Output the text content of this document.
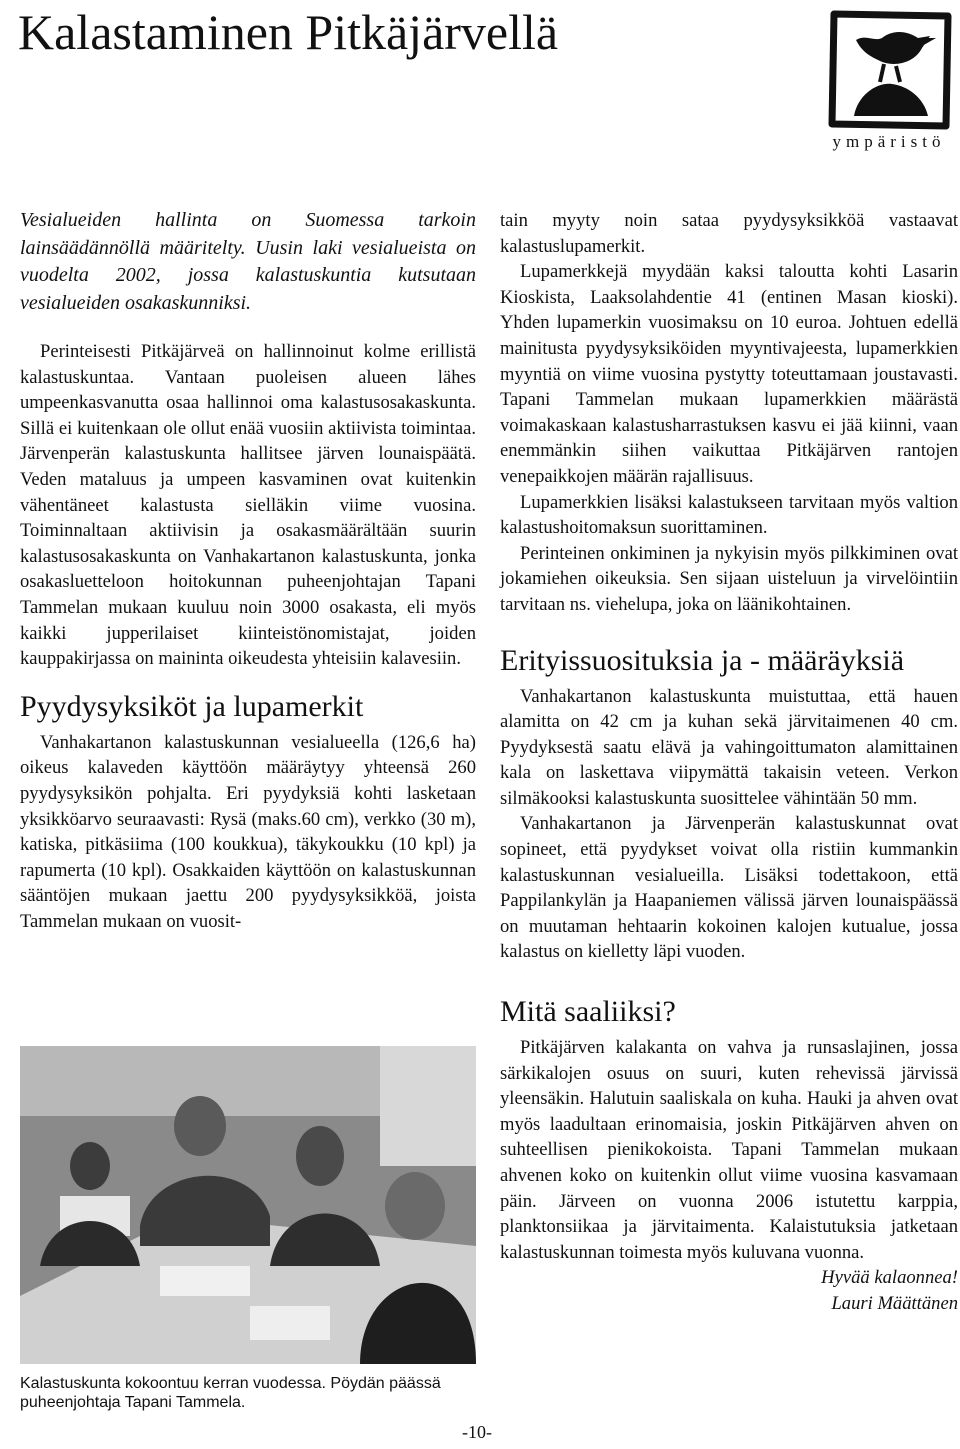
Kalastaminen Pitkäjärvellä
ympäristö

Vesialueiden hallinta on Suomessa tarkoin lainsäädännöllä määritelty. Uusin laki vesialueista on vuodelta 2002, jossa kalastuskuntia kutsutaan vesialueiden osakaskunniksi.

Perinteisesti Pitkäjärveä on hallinnoinut kolme erillistä kalastuskuntaa. Vantaan puoleisen alueen lähes umpeenkasvanutta osaa hallinnoi oma kalastusosakaskunta. Sillä ei kuitenkaan ole ollut enää vuosiin aktiivista toimintaa. Järvenperän kalastuskunta hallitsee järven lounaispäätä. Veden mataluus ja umpeen kasvaminen ovat kuitenkin vähentäneet kalastusta sielläkin viime vuosina. Toiminnaltaan aktiivisin ja osakasmäärältään suurin kalastusosakaskunta on Vanhakartanon kalastuskunta, jonka osakasluetteloon hoitokunnan puheenjohtajan Tapani Tammelan mukaan kuuluu noin 3000 osakasta, eli myös kaikki jupperilaiset kiinteistönomistajat, joiden kauppakirjassa on maininta oikeudesta yhteisiin kalavesiin.

Pyydysyksiköt ja lupamerkit

Vanhakartanon kalastuskunnan vesialueella (126,6 ha) oikeus kalaveden käyttöön määräytyy yhteensä 260 pyydysyksikön pohjalta. Eri pyydyksiä kohti lasketaan yksikköarvo seuraavasti: Rysä (maks.60 cm), verkko (30 m), katiska, pitkäsiima (100 koukkua), täkykoukku (10 kpl) ja rapumerta (10 kpl). Osakkaiden käyttöön on kalastuskunnan sääntöjen mukaan jaettu 200 pyydysyksikköä, joista Tammelan mukaan on vuosit-

Kalastuskunta kokoontuu kerran vuodessa. Pöydän päässä puheenjohtaja Tapani Tammela.

tain myyty noin sataa pyydysyksikköä vastaavat kalastuslupamerkit.

Lupamerkkejä myydään kaksi taloutta kohti Lasarin Kioskista, Laaksolahdentie 41 (entinen Masan kioski). Yhden lupamerkin vuosimaksu on 10 euroa. Johtuen edellä mainitusta pyydysyksiköiden myyntivajeesta, lupamerkkien myyntiä on viime vuosina pystytty toteuttamaan joustavasti. Tapani Tammelan mukaan lupamerkkien määrästä voimakaskaan kalastusharrastuksen kasvu ei jää kiinni, vaan enemmänkin siihen vaikuttaa Pitkäjärven rantojen venepaikkojen määrän rajallisuus.

Lupamerkkien lisäksi kalastukseen tarvitaan myös valtion kalastushoitomaksun suorittaminen.

Perinteinen onkiminen ja nykyisin myös pilkkiminen ovat jokamiehen oikeuksia. Sen sijaan uisteluun ja virvelöintiin tarvitaan ns. viehelupa, joka on läänikohtainen.

Erityissuosituksia ja - määräyksiä

Vanhakartanon kalastuskunta muistuttaa, että hauen alamitta on 42 cm ja kuhan sekä järvitaimenen 40 cm. Pyydyksestä saatu elävä ja vahingoittumaton alamittainen kala on laskettava viipymättä takaisin veteen. Verkon silmäkooksi kalastuskunta suosittelee vähintään 50 mm.

Vanhakartanon ja Järvenperän kalastuskunnat ovat sopineet, että pyydykset voivat olla ristiin kummankin kalastuskunnan vesialueilla. Lisäksi todettakoon, että Pappilankylän ja Haapaniemen välissä järven lounaispäässä on muutaman hehtaarin kokoinen kalojen kutualue, jossa kalastus on kielletty läpi vuoden.

Mitä saaliiksi?

Pitkäjärven kalakanta on vahva ja runsaslajinen, jossa särkikalojen osuus on suuri, kuten rehevissä järvissä yleensäkin. Halutuin saaliskala on kuha. Hauki ja ahven ovat myös laadultaan erinomaisia, joskin Pitkäjärven ahven on suhteellisen pienikokoista. Tapani Tammelan mukaan ahvenen koko on kuitenkin ollut viime vuosina kasvamaan päin. Järveen on vuonna 2006 istutettu karppia, planktonsiikaa ja järvitaimenta. Kalaistutuksia jatketaan kalastuskunnan toimesta myös kuluvana vuonna.

Hyvää kalaonnea!

Lauri Määttänen

-10-
